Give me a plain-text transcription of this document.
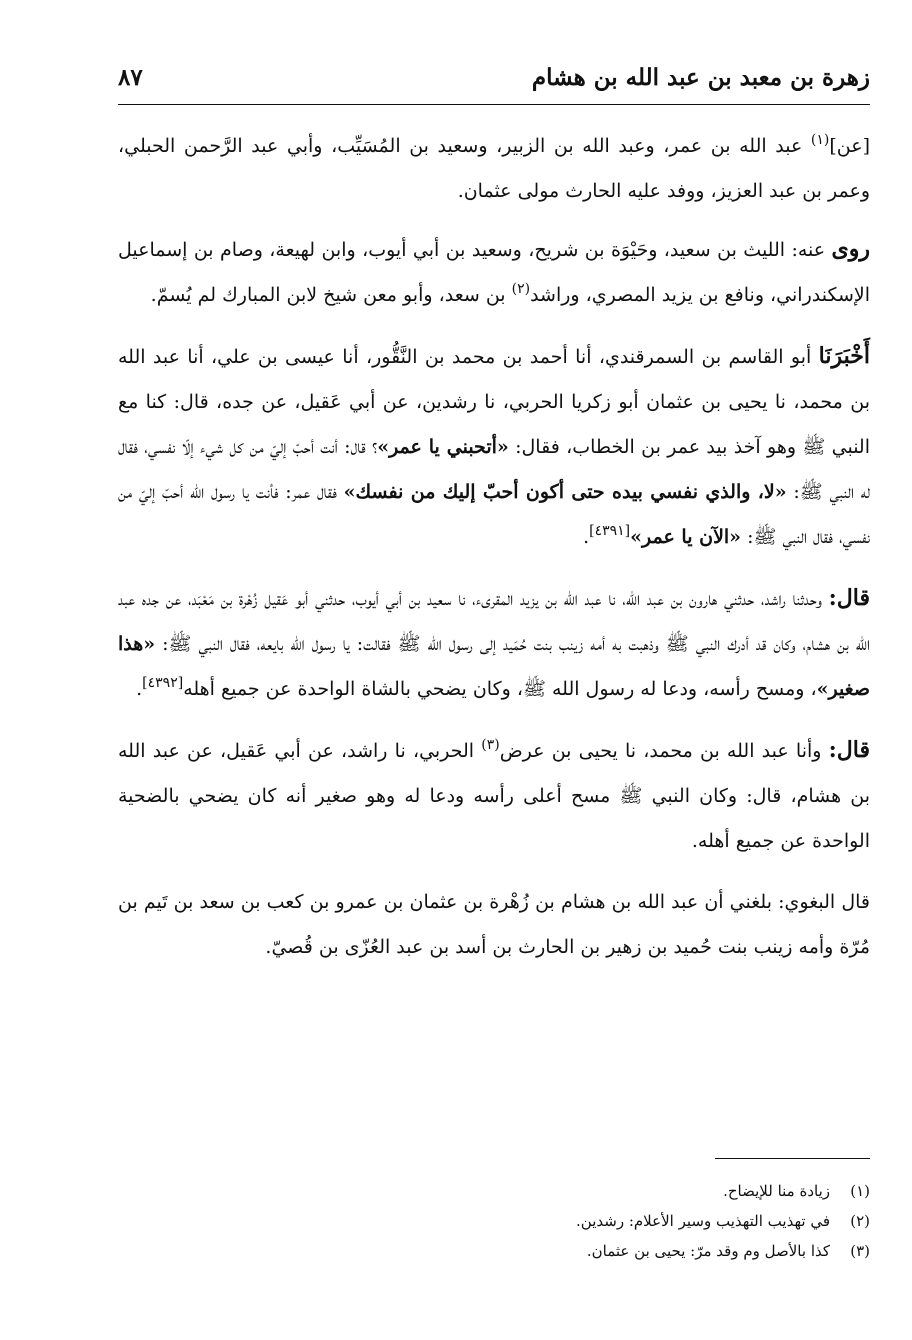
زهرة بن معبد بن عبد الله بن هشام
٨٧

[عن]$^{(١)}$ عبد الله بن عمر، وعبد الله بن الزبير، وسعيد بن المُسَيِّب، وأبي عبد الرَّحمن الحبلي، وعمر بن عبد العزيز، ووفد عليه الحارث مولى عثمان.

روى عنه: الليث بن سعيد، وحَيْوَة بن شريح، وسعيد بن أبي أيوب، وابن لهيعة، وصام بن إسماعيل الإسكندراني، ونافع بن يزيد المصري، وراشد$^{(٢)}$ بن سعد، وأبو معن شيخ لابن المبارك لم يُسمّ.

أَخْبَرَنَا أبو القاسم بن السمرقندي، أنا أحمد بن محمد بن النَّقُّور، أنا عيسى بن علي، أنا عبد الله بن محمد، نا يحيى بن عثمان أبو زكريا الحربي، نا رشدين، عن أبي عَقيل، عن جده، قال: كنا مع النبي ﷺ وهو آخذ بيد عمر بن الخطاب، فقال: «أتحبني يا عمر»؟ قال: أنت أحبّ إليّ من كل شيء إلّا نفسي، فقال له النبي ﷺ: «لا، والذي نفسي بيده حتى أكون أحبّ إليك من نفسك» فقال عمر: فأنت يا رسول الله أحبّ إليّ من نفسي، فقال النبي ﷺ: «الآن يا عمر»[٤٣٩١].

قال: وحدثنا راشد، حدثني هارون بن عبد الله، نا عبد الله بن يزيد المقرىء، نا سعيد بن أبي أيوب، حدثني أبو عَقيل زُهْرة بن مَعْبَد، عن جده عبد الله بن هشام، وكان قد أدرك النبي ﷺ وذهبت به أمه زينب بنت حُمَيد إلى رسول الله ﷺ فقالت: يا رسول الله بايعه، فقال النبي ﷺ: «هذا صغير»، ومسح رأسه، ودعا له رسول الله ﷺ، وكان يضحي بالشاة الواحدة عن جميع أهله[٤٣٩٢].

قال: وأنا عبد الله بن محمد، نا يحيى بن عرض$^{(٣)}$ الحربي، نا راشد، عن أبي عَقيل، عن عبد الله بن هشام، قال: وكان النبي ﷺ مسح أعلى رأسه ودعا له وهو صغير أنه كان يضحي بالضحية الواحدة عن جميع أهله.

قال البغوي: بلغني أن عبد الله بن هشام بن زُهْرة بن عثمان بن عمرو بن كعب بن سعد بن تَيم بن مُرّة وأمه زينب بنت حُميد بن زهير بن الحارث بن أسد بن عبد العُزّى بن قُصيّ.

(١)زيادة منا للإيضاح.
(٢)في تهذيب التهذيب وسير الأعلام: رشدين.
(٣)كذا بالأصل وم وقد مرّ: يحيى بن عثمان.
